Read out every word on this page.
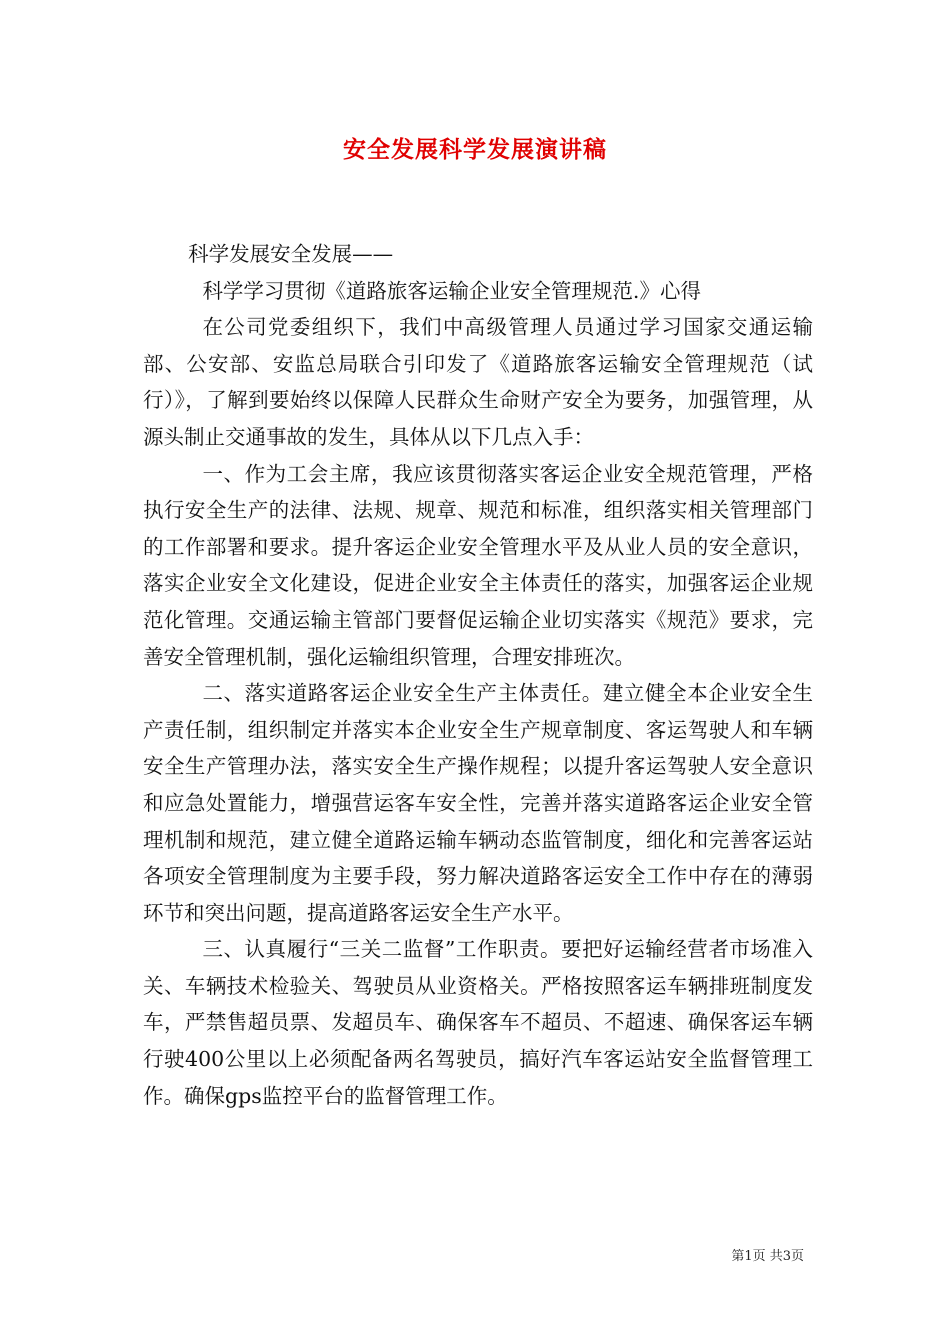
安全发展科学发展演讲稿

科学发展安全发展——

科学学习贯彻《道路旅客运输企业安全管理规范.》心得

在公司党委组织下，我们中高级管理人员通过学习国家交通运输部、公安部、安监总局联合引印发了《道路旅客运输安全管理规范（试行）》，了解到要始终以保障人民群众生命财产安全为要务，加强管理，从源头制止交通事故的发生，具体从以下几点入手：

一、作为工会主席，我应该贯彻落实客运企业安全规范管理，严格执行安全生产的法律、法规、规章、规范和标准，组织落实相关管理部门的工作部署和要求。提升客运企业安全管理水平及从业人员的安全意识，落实企业安全文化建设，促进企业安全主体责任的落实，加强客运企业规范化管理。交通运输主管部门要督促运输企业切实落实《规范》要求，完善安全管理机制，强化运输组织管理，合理安排班次。

二、落实道路客运企业安全生产主体责任。建立健全本企业安全生产责任制，组织制定并落实本企业安全生产规章制度、客运驾驶人和车辆安全生产管理办法，落实安全生产操作规程；以提升客运驾驶人安全意识和应急处置能力，增强营运客车安全性，完善并落实道路客运企业安全管理机制和规范，建立健全道路运输车辆动态监管制度，细化和完善客运站各项安全管理制度为主要手段，努力解决道路客运安全工作中存在的薄弱环节和突出问题，提高道路客运安全生产水平。

三、认真履行“三关二监督”工作职责。要把好运输经营者市场准入关、车辆技术检验关、驾驶员从业资格关。严格按照客运车辆排班制度发车，严禁售超员票、发超员车、确保客车不超员、不超速、确保客运车辆行驶400公里以上必须配备两名驾驶员，搞好汽车客运站安全监督管理工作。确保gps监控平台的监督管理工作。

第1页 共3页
